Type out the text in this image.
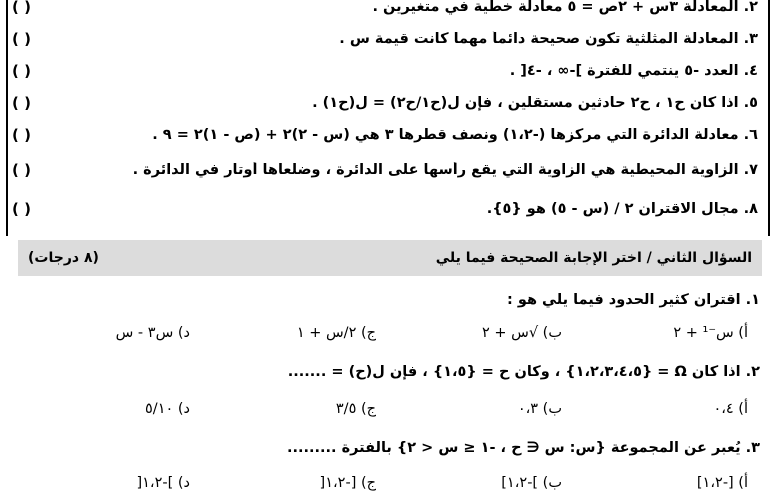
( )	٢. المعادلة ٣س + ٢ص = ٥ معادلة خطية في متغيرين .
( )	٣. المعادلة المثلثية تكون صحيحة دائماً مهما كانت قيمة س .
( )	٤. العدد -٥ ينتمي للفترة ]-∞ ، -٤[ .
( )	٥. اذا كان ح١ ، ح٢ حادثين مستقلين ، فإن ل(ح١/ح٢) = ل(ح١) .
( )	٦. معادلة الدائرة التي مركزها (-١،٢) ونصف قطرها ٣ هي (س - ٢)٢ + (ص - ١)٢ = ٩ .
( )	٧. الزاوية المحيطية هي الزاوية التي يقع رأسها على الدائرة ، وضلعاها أوتار في الدائرة .
( )	٨. مجال الاقتران ٢ / (س - ٥) هو {٥}.
(٨ درجات)	السؤال الثاني / اختر الإجابة الصحيحة فيما يلي
١. اقتران كثير الحدود فيما يلي هو :
أ) س⁻¹ + ٢
ب) √س + ٢
ج) ٢/س + ١
د) س٣ - س
٢. اذا كان Ω = {١،٢،٣،٤،٥} ، وكان ح = {١،٥} ، فإن ل(ح) = .......
أ) ٠،٤
ب) ٠،٣
ج) ٣/٥
د) ٥/١٠
٣. يُعبر عن المجموعة {س: س ∈ ح ، -١ ≤ س < ٢} بالفترة .........
أ) [-١،٢]
ب) ]-١،٢]
ج) [-١،٢[
د) ]-١،٢[
